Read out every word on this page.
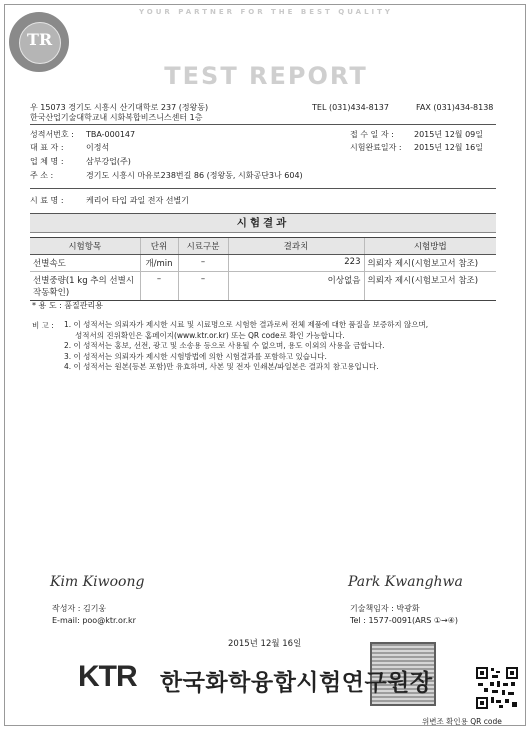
YOUR PARTNER FOR THE BEST QUALITY
TR
TEST REPORT
우 15073 경기도 시흥시 산기대학로 237 (정왕동)
한국산업기술대학교내 시화복합비즈니스센터 1층
TEL (031)434-8137	FAX (031)434-8138
성적서번호 : TBA-000147
대 표 자 :	이정석
업 체 명 :	삼부강업(주)
주 소 :	경기도 시흥시 마유로238번길 86 (정왕동, 시화공단3나 604)
접 수 일 자 :	2015년 12월 09일
시험완료일자 : 2015년 12월 16일
시 료 명 :	케리어 타입 과일 전자 선별기
시험결과
시험항목	단위	시료구분	결과치	시험방법
선별속도	개/min	–	223	의뢰자 제시(시험보고서 참조)
선별중량(1 kg 추의 선별시 작동확인)	–	–	이상없음	의뢰자 제시(시험보고서 참조)
* 용 도 : 품질관리용
비 고 : 1. 이 성적서는 의뢰자가 제시한 시료 및 시료명으로 시험한 결과로써 전체 제품에 대한 품질을 보증하지 않으며,
성적서의 진위확인은 홈페이지(www.ktr.or.kr) 또는 QR code로 확인 가능합니다.
2. 이 성적서는 홍보, 선전, 광고 및 소송용 등으로 사용될 수 없으며, 용도 이외의 사용을 금합니다.
3. 이 성적서는 의뢰자가 제시한 시험방법에 의한 시험결과를 포함하고 있습니다.
4. 이 성적서는 원본(등본 포함)만 유효하며, 사본 및 전자 인쇄본/파일본은 결과치 참고용입니다.
Kim Kiwoong
작성자 : 김기웅
E-mail: poo@ktr.or.kr
Park Kwanghwa
기술책임자 : 박광화
Tel : 1577-0091(ARS ①→④)
2015년 12월 16일
KTR 한국화학융합시험연구원장
위변조 확인용 QR code
